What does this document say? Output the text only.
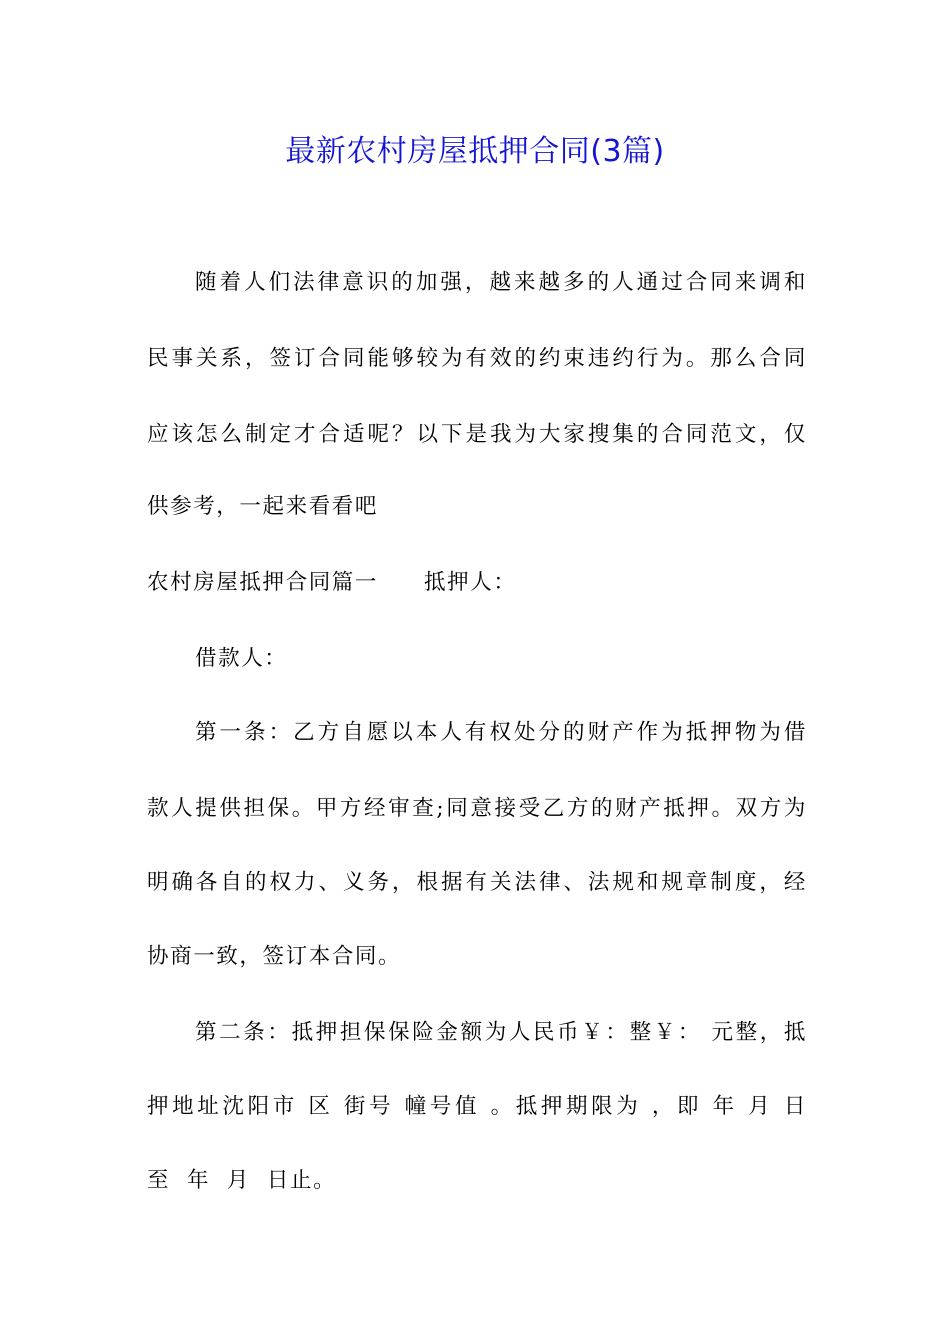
最新农村房屋抵押合同(3篇)
随着人们法律意识的加强，越来越多的人通过合同来调和
民事关系，签订合同能够较为有效的约束违约行为。那么合同
应该怎么制定才合适呢？以下是我为大家搜集的合同范文，仅
供参考，一起来看看吧
农村房屋抵押合同篇一 抵押人：
借款人：
第一条：乙方自愿以本人有权处分的财产作为抵押物为借
款人提供担保。甲方经审查;同意接受乙方的财产抵押。双方为
明确各自的权力、义务，根据有关法律、法规和规章制度，经
协商一致，签订本合同。
第二条：抵押担保保险金额为人民币￥：整￥： 元整，抵
押地址沈阳市 区 街号 幢号值 。抵押期限为 ，即 年 月 日
至  年  月  日止。
